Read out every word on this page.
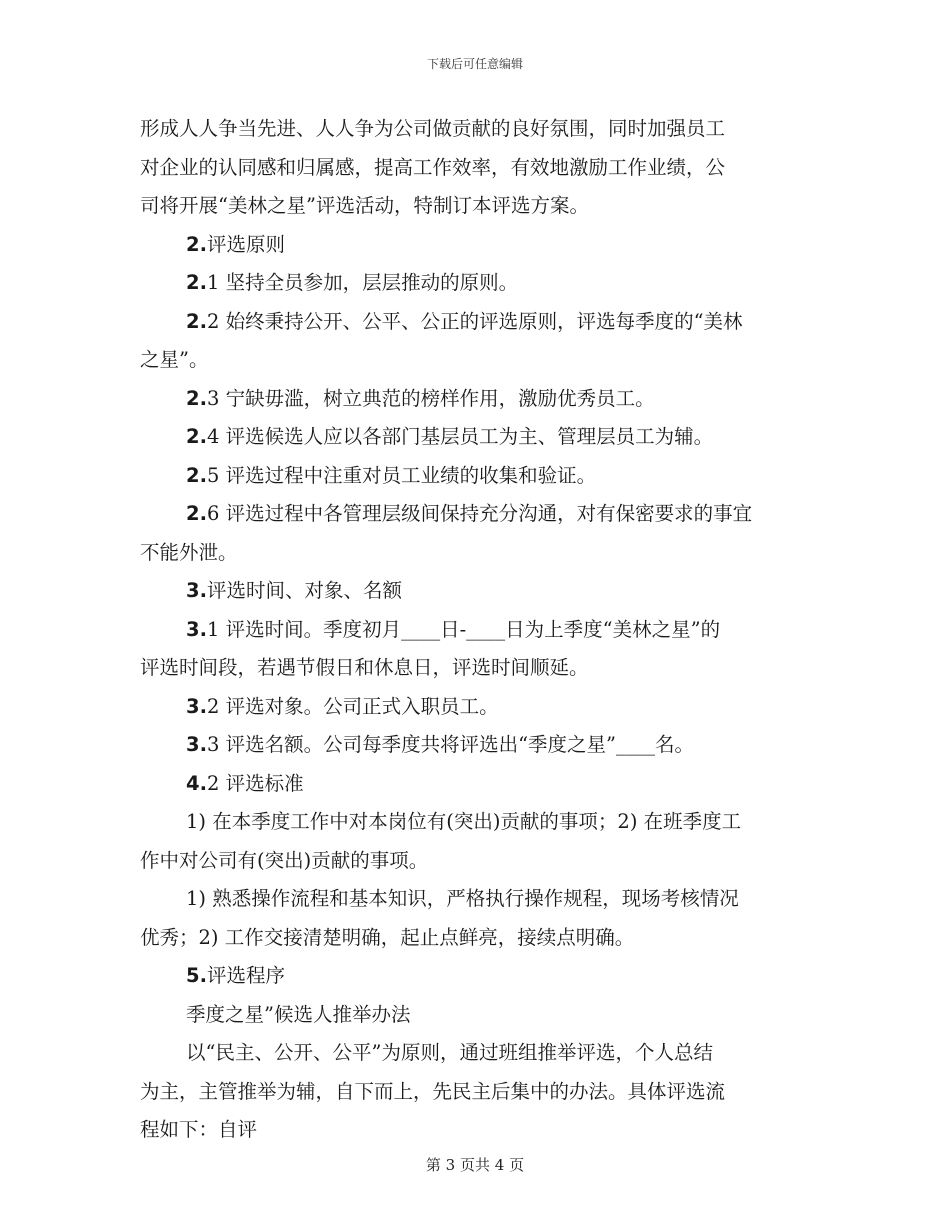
下载后可任意编辑

形成人人争当先进、人人争为公司做贡献的良好氛围，同时加强员工

对企业的认同感和归属感，提高工作效率，有效地激励工作业绩，公

司将开展“美林之星”评选活动，特制订本评选方案。

2.评选原则

2.1 坚持全员参加，层层推动的原则。

2.2 始终秉持公开、公平、公正的评选原则，评选每季度的“美林

之星”。

2.3 宁缺毋滥，树立典范的榜样作用，激励优秀员工。

2.4 评选候选人应以各部门基层员工为主、管理层员工为辅。

2.5 评选过程中注重对员工业绩的收集和验证。

2.6 评选过程中各管理层级间保持充分沟通，对有保密要求的事宜

不能外泄。

3.评选时间、对象、名额

3.1 评选时间。季度初月____日-____日为上季度“美林之星”的

评选时间段，若遇节假日和休息日，评选时间顺延。

3.2 评选对象。公司正式入职员工。

3.3 评选名额。公司每季度共将评选出“季度之星”____名。

4.2 评选标准

1) 在本季度工作中对本岗位有(突出)贡献的事项；2) 在班季度工

作中对公司有(突出)贡献的事项。

1) 熟悉操作流程和基本知识，严格执行操作规程，现场考核情况

优秀；2) 工作交接清楚明确，起止点鲜亮，接续点明确。

5.评选程序

季度之星”候选人推举办法

以“民主、公开、公平”为原则，通过班组推举评选，个人总结

为主，主管推举为辅，自下而上，先民主后集中的办法。具体评选流

程如下：自评

第 3 页共 4 页
